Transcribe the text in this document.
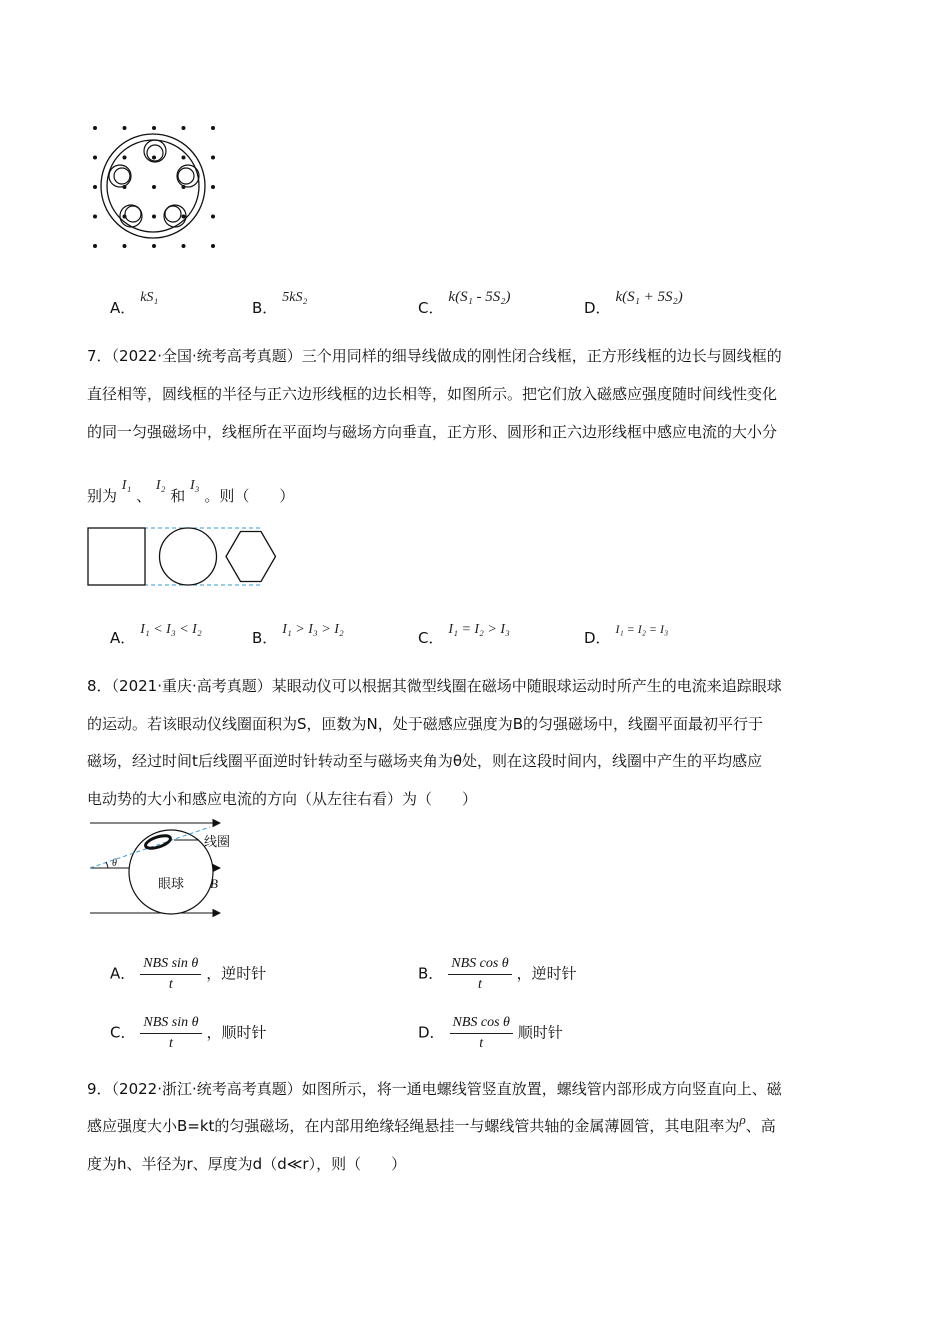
A． kS₁
B． 5kS₂
C． k(S₁ - 5S₂)
D． k(S₁ + 5S₂)
7．（2022·全国·统考高考真题）三个用同样的细导线做成的刚性闭合线框，正方形线框的边长与圆线框的
直径相等，圆线框的半径与正六边形线框的边长相等，如图所示。把它们放入磁感应强度随时间线性变化
的同一匀强磁场中，线框所在平面均与磁场方向垂直，正方形、圆形和正六边形线框中感应电流的大小分
别为 I₁ 、 I₂ 和 I₃ 。则（　　）
A． I₁ < I₃ < I₂	B． I₁ > I₃ > I₂	C． I₁ = I₂ > I₃	D． $^{I_1 = I_2 = I_3}$
8．（2021·重庆·高考真题）某眼动仪可以根据其微型线圈在磁场中随眼球运动时所产生的电流来追踪眼球
的运动。若该眼动仪线圈面积为S，匝数为N，处于磁感应强度为B的匀强磁场中，线圈平面最初平行于
磁场，经过时间t后线圈平面逆时针转动至与磁场夹角为θ处，则在这段时间内，线圈中产生的平均感应
电动势的大小和感应电流的方向（从左往右看）为（　　）
线圈
眼球 B
θ
A． $\frac{\text{NBS sin θ}}{t}$ ，逆时针	B． $\frac{\text{NBS cos θ}}{t}$ ，逆时针
C． $\frac{\text{NBS sin θ}}{t}$ ，顺时针	D． $\frac{\text{NBS cos θ}}{t}$ 顺时针
9．（2022·浙江·统考高考真题）如图所示，将一通电螺线管竖直放置，螺线管内部形成方向竖直向上、磁
感应强度大小B=kt的匀强磁场，在内部用绝缘轻绳悬挂一与螺线管共轴的金属薄圆管，其电阻率为ρ、高
度为h、半径为r、厚度为d（d≪r），则（　　）
